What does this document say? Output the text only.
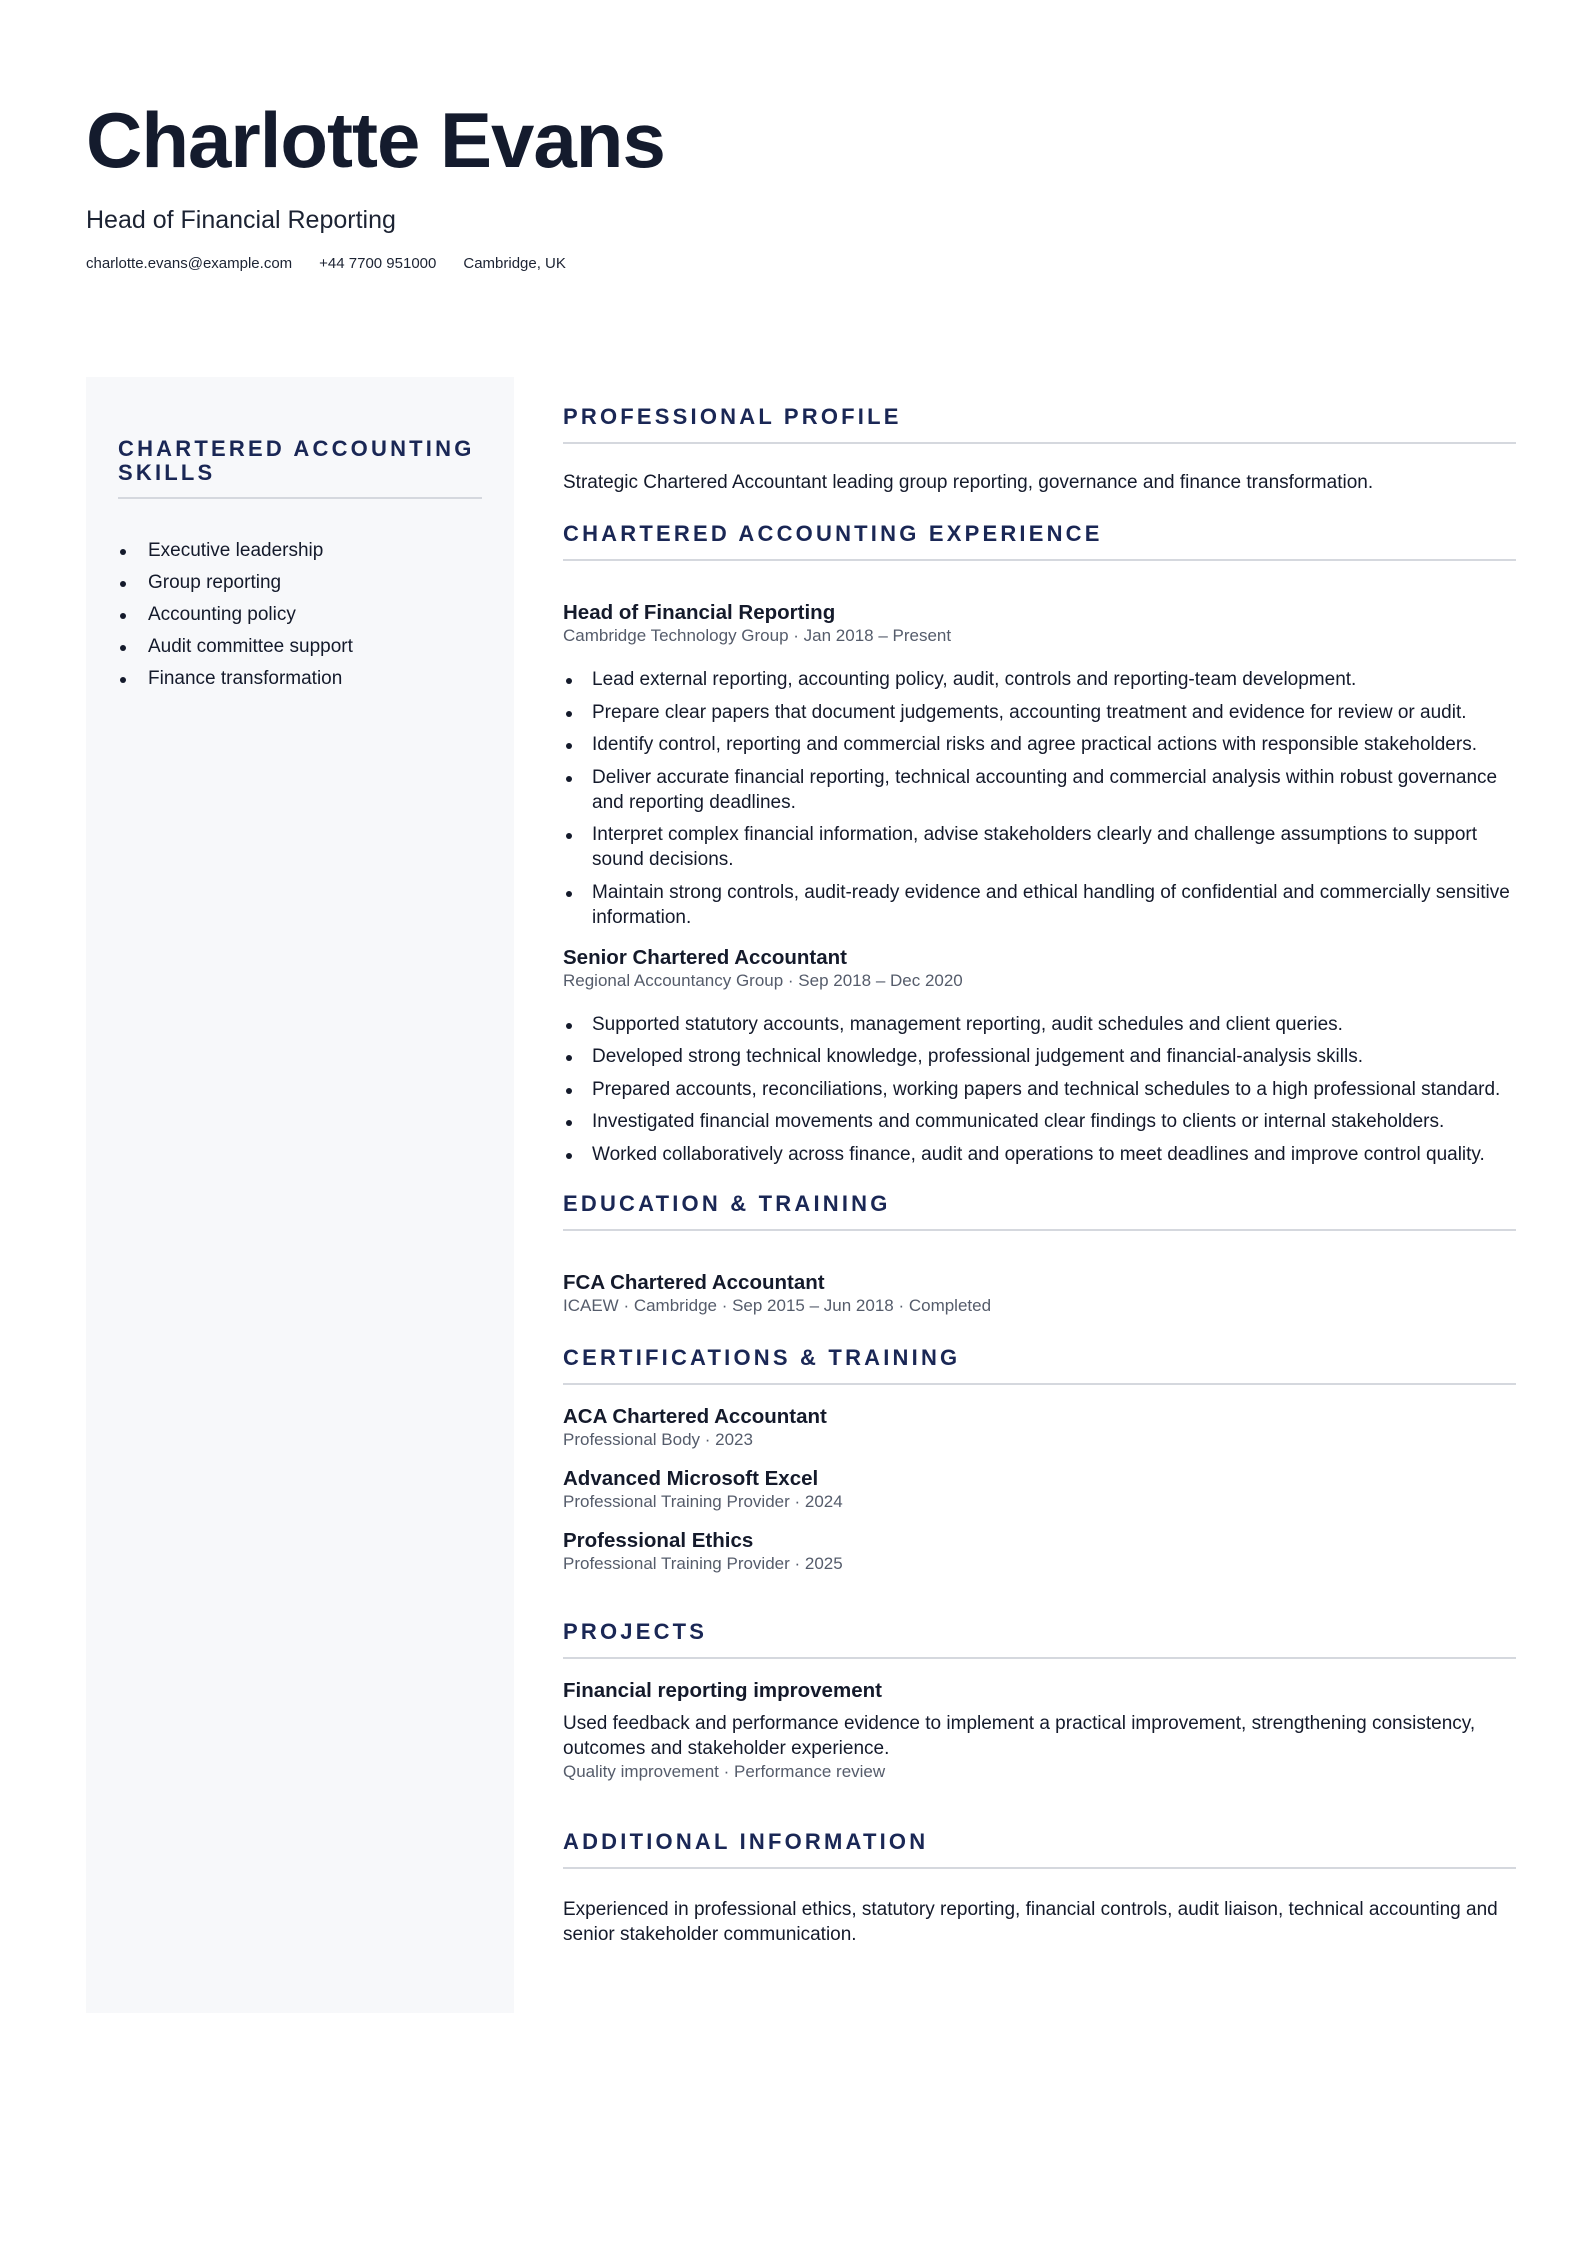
Charlotte Evans
Head of Financial Reporting
charlotte.evans@example.com +44 7700 951000 Cambridge, UK
CHARTERED ACCOUNTING SKILLS
Executive leadership
Group reporting
Accounting policy
Audit committee support
Finance transformation
PROFESSIONAL PROFILE

Strategic Chartered Accountant leading group reporting, governance and finance transformation.

CHARTERED ACCOUNTING EXPERIENCE
Head of Financial Reporting
Cambridge Technology Group · Jan 2018 – Present
Lead external reporting, accounting policy, audit, controls and reporting-team development.
Prepare clear papers that document judgements, accounting treatment and evidence for review or audit.
Identify control, reporting and commercial risks and agree practical actions with responsible stakeholders.
Deliver accurate financial reporting, technical accounting and commercial analysis within robust governance and reporting deadlines.
Interpret complex financial information, advise stakeholders clearly and challenge assumptions to support sound decisions.
Maintain strong controls, audit-ready evidence and ethical handling of confidential and commercially sensitive information.
Senior Chartered Accountant
Regional Accountancy Group · Sep 2018 – Dec 2020
Supported statutory accounts, management reporting, audit schedules and client queries.
Developed strong technical knowledge, professional judgement and financial-analysis skills.
Prepared accounts, reconciliations, working papers and technical schedules to a high professional standard.
Investigated financial movements and communicated clear findings to clients or internal stakeholders.
Worked collaboratively across finance, audit and operations to meet deadlines and improve control quality.
EDUCATION & TRAINING
FCA Chartered Accountant
ICAEW · Cambridge · Sep 2015 – Jun 2018 · Completed
CERTIFICATIONS & TRAINING
ACA Chartered Accountant
Professional Body · 2023
Advanced Microsoft Excel
Professional Training Provider · 2024
Professional Ethics
Professional Training Provider · 2025
PROJECTS
Financial reporting improvement

Used feedback and performance evidence to implement a practical improvement, strengthening consistency, outcomes and stakeholder experience.

Quality improvement · Performance review
ADDITIONAL INFORMATION

Experienced in professional ethics, statutory reporting, financial controls, audit liaison, technical accounting and senior stakeholder communication.
